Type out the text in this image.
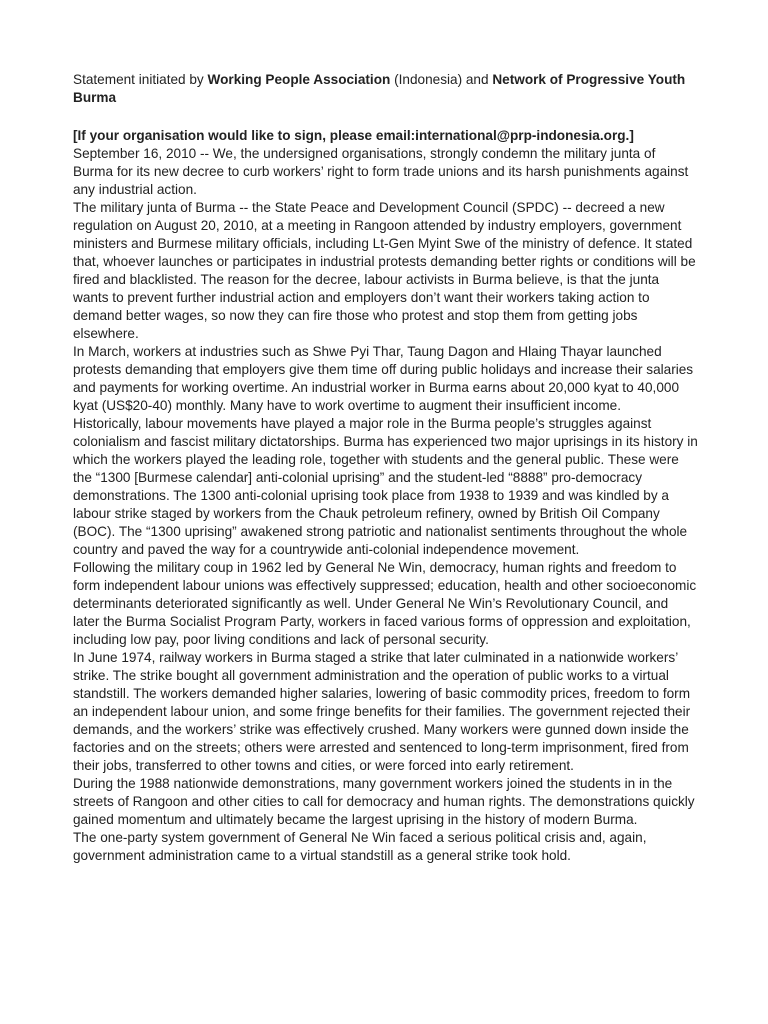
Statement initiated by Working People Association (Indonesia) and Network of Progressive Youth Burma

[If your organisation would like to sign, please email:international@prp-indonesia.org.]

September 16, 2010 -- We, the undersigned organisations, strongly condemn the military junta of Burma for its new decree to curb workers’ right to form trade unions and its harsh punishments against any industrial action.

The military junta of Burma -- the State Peace and Development Council (SPDC) -- decreed a new regulation on August 20, 2010, at a meeting in Rangoon attended by industry employers, government ministers and Burmese military officials, including Lt-Gen Myint Swe of the ministry of defence. It stated that, whoever launches or participates in industrial protests demanding better rights or conditions will be fired and blacklisted. The reason for the decree, labour activists in Burma believe, is that the junta wants to prevent further industrial action and employers don’t want their workers taking action to demand better wages, so now they can fire those who protest and stop them from getting jobs elsewhere.

In March, workers at industries such as Shwe Pyi Thar, Taung Dagon and Hlaing Thayar launched protests demanding that employers give them time off during public holidays and increase their salaries and payments for working overtime. An industrial worker in Burma earns about 20,000 kyat to 40,000 kyat (US$20-40) monthly. Many have to work overtime to augment their insufficient income.

Historically, labour movements have played a major role in the Burma people’s struggles against colonialism and fascist military dictatorships. Burma has experienced two major uprisings in its history in which the workers played the leading role, together with students and the general public. These were the “1300 [Burmese calendar] anti-colonial uprising” and the student-led “8888” pro-democracy demonstrations. The 1300 anti-colonial uprising took place from 1938 to 1939 and was kindled by a labour strike staged by workers from the Chauk petroleum refinery, owned by British Oil Company (BOC). The “1300 uprising” awakened strong patriotic and nationalist sentiments throughout the whole country and paved the way for a countrywide anti-colonial independence movement.

Following the military coup in 1962 led by General Ne Win, democracy, human rights and freedom to form independent labour unions was effectively suppressed; education, health and other socioeconomic determinants deteriorated significantly as well. Under General Ne Win’s Revolutionary Council, and later the Burma Socialist Program Party, workers in faced various forms of oppression and exploitation, including low pay, poor living conditions and lack of personal security.

In June 1974, railway workers in Burma staged a strike that later culminated in a nationwide workers’ strike. The strike bought all government administration and the operation of public works to a virtual standstill. The workers demanded higher salaries, lowering of basic commodity prices, freedom to form an independent labour union, and some fringe benefits for their families. The government rejected their demands, and the workers’ strike was effectively crushed. Many workers were gunned down inside the factories and on the streets; others were arrested and sentenced to long-term imprisonment, fired from their jobs, transferred to other towns and cities, or were forced into early retirement.

During the 1988 nationwide demonstrations, many government workers joined the students in in the streets of Rangoon and other cities to call for democracy and human rights. The demonstrations quickly gained momentum and ultimately became the largest uprising in the history of modern Burma.

The one-party system government of General Ne Win faced a serious political crisis and, again, government administration came to a virtual standstill as a general strike took hold.
